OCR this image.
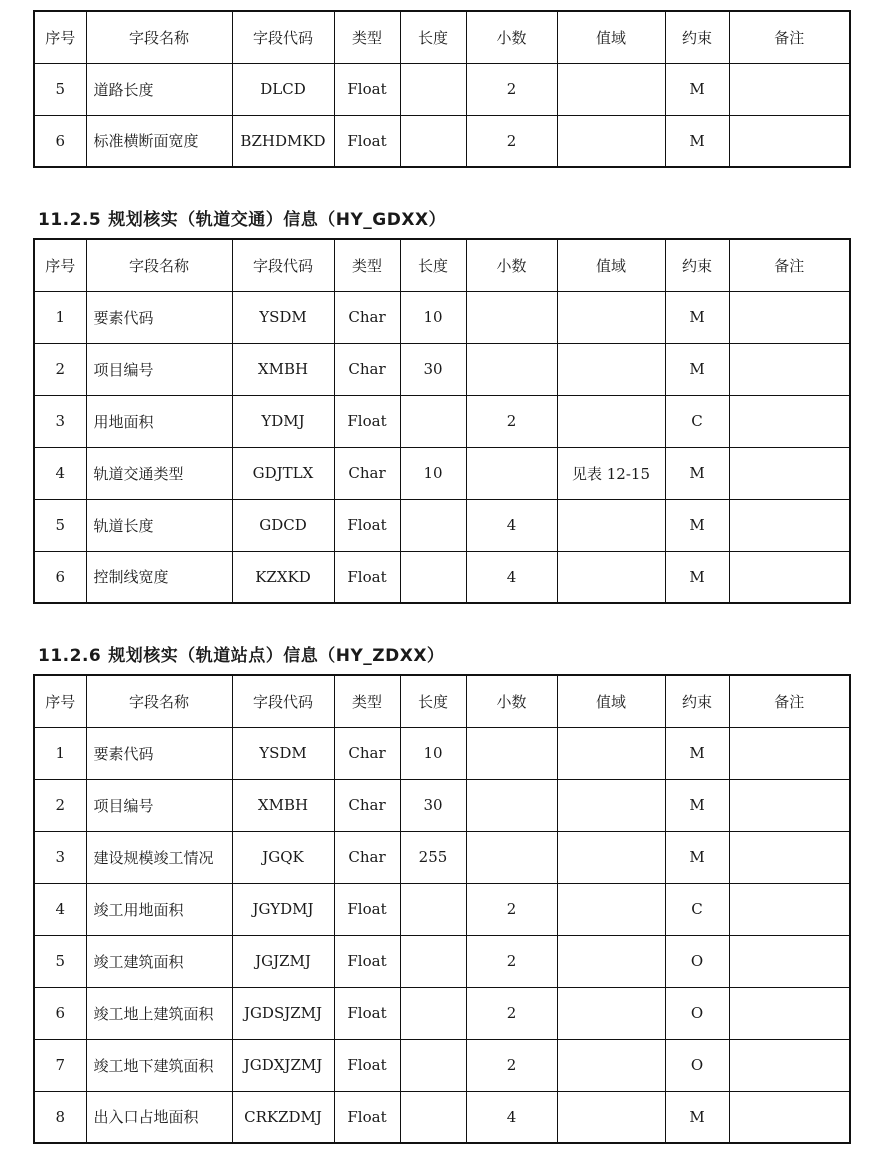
序号	字段名称	字段代码	类型	长度	小数	值域	约束	备注
5	道路长度	DLCD	Float		2		M	
6	标准横断面宽度	BZHDMKD	Float		2		M	
11.2.5 规划核实（轨道交通）信息（HY_GDXX）
序号	字段名称	字段代码	类型	长度	小数	值域	约束	备注
1	要素代码	YSDM	Char	10			M	
2	项目编号	XMBH	Char	30			M	
3	用地面积	YDMJ	Float		2		C	
4	轨道交通类型	GDJTLX	Char	10		见表 12-15	M	
5	轨道长度	GDCD	Float		4		M	
6	控制线宽度	KZXKD	Float		4		M	
11.2.6 规划核实（轨道站点）信息（HY_ZDXX）
序号	字段名称	字段代码	类型	长度	小数	值域	约束	备注
1	要素代码	YSDM	Char	10			M	
2	项目编号	XMBH	Char	30			M	
3	建设规模竣工情况	JGQK	Char	255			M	
4	竣工用地面积	JGYDMJ	Float		2		C	
5	竣工建筑面积	JGJZMJ	Float		2		O	
6	竣工地上建筑面积	JGDSJZMJ	Float		2		O	
7	竣工地下建筑面积	JGDXJZMJ	Float		2		O	
8	出入口占地面积	CRKZDMJ	Float		4		M	
